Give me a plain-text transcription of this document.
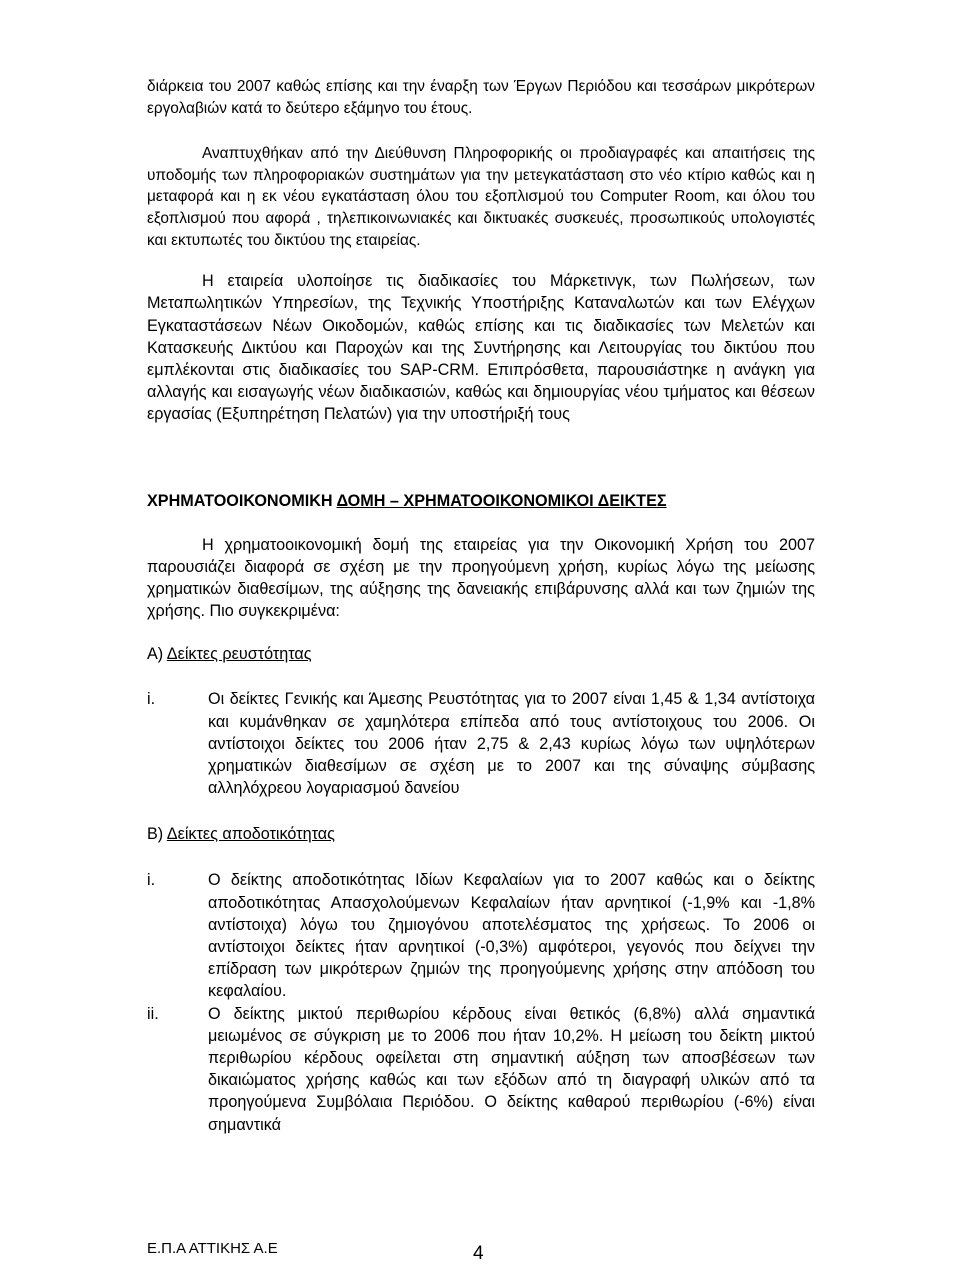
διάρκεια του 2007 καθώς επίσης και την έναρξη των Έργων Περιόδου και τεσσάρων μικρότερων εργολαβιών κατά το δεύτερο εξάμηνο του έτους.

Αναπτυχθήκαν από την Διεύθυνση Πληροφορικής οι προδιαγραφές και απαιτήσεις της υποδομής των πληροφοριακών συστημάτων για την μετεγκατάσταση στο νέο κτίριο καθώς και η μεταφορά και η εκ νέου εγκατάσταση όλου του εξοπλισμού του Computer Room, και όλου του εξοπλισμού που αφορά , τηλεπικοινωνιακές και δικτυακές συσκευές, προσωπικούς υπολογιστές και εκτυπωτές του δικτύου της εταιρείας.

Η εταιρεία υλοποίησε τις διαδικασίες του Μάρκετινγκ, των Πωλήσεων, των Μεταπωλητικών Υπηρεσίων, της Τεχνικής Υποστήριξης Καταναλωτών και των Ελέγχων Εγκαταστάσεων Νέων Οικοδομών, καθώς επίσης και τις διαδικασίες των Μελετών και Κατασκευής Δικτύου και Παροχών και της Συντήρησης και Λειτουργίας του δικτύου που εμπλέκονται στις διαδικασίες του SAP-CRM. Επιπρόσθετα, παρουσιάστηκε η ανάγκη για αλλαγής και εισαγωγής νέων διαδικασιών, καθώς και δημιουργίας νέου τμήματος και θέσεων εργασίας (Εξυπηρέτηση Πελατών) για την υποστήριξή τους

ΧΡΗΜΑΤΟΟΙΚΟΝΟΜΙΚΗ ΔΟΜΗ – ΧΡΗΜΑΤΟΟΙΚΟΝΟΜΙΚΟΙ ΔΕΙΚΤΕΣ

Η χρηματοοικονομική δομή της εταιρείας για την Οικονομική Χρήση του 2007 παρουσιάζει διαφορά σε σχέση με την προηγούμενη χρήση, κυρίως λόγω της μείωσης χρηματικών διαθεσίμων, της αύξησης της δανειακής επιβάρυνσης αλλά και των ζημιών της χρήσης. Πιο συγκεκριμένα:

Α) Δείκτες ρευστότητας
i.	Οι δείκτες Γενικής και Άμεσης Ρευστότητας για το 2007 είναι 1,45 & 1,34 αντίστοιχα και κυμάνθηκαν σε χαμηλότερα επίπεδα από τους αντίστοιχους του 2006. Οι αντίστοιχοι δείκτες του 2006 ήταν 2,75 & 2,43 κυρίως λόγω των υψηλότερων χρηματικών διαθεσίμων σε σχέση με το 2007 και της σύναψης σύμβασης αλληλόχρεου λογαριασμού δανείου
Β) Δείκτες αποδοτικότητας
i.	Ο δείκτης αποδοτικότητας Ιδίων Κεφαλαίων για το 2007 καθώς και ο δείκτης αποδοτικότητας Απασχολούμενων Κεφαλαίων ήταν αρνητικοί (-1,9% και -1,8% αντίστοιχα) λόγω του ζημιογόνου αποτελέσματος της χρήσεως. Το 2006 οι αντίστοιχοι δείκτες ήταν αρνητικοί (-0,3%) αμφότεροι, γεγονός που δείχνει την επίδραση των μικρότερων ζημιών της προηγούμενης χρήσης στην απόδοση του κεφαλαίου.
ii.	Ο δείκτης μικτού περιθωρίου κέρδους είναι θετικός (6,8%) αλλά σημαντικά μειωμένος σε σύγκριση με το 2006 που ήταν 10,2%. Η μείωση του δείκτη μικτού περιθωρίου κέρδους οφείλεται στη σημαντική αύξηση των αποσβέσεων των δικαιώματος χρήσης καθώς και των εξόδων από τη διαγραφή υλικών από τα προηγούμενα Συμβόλαια Περιόδου. Ο δείκτης καθαρού περιθωρίου (-6%) είναι σημαντικά
Ε.Π.Α ΑΤΤΙΚΗΣ Α.Ε	4
